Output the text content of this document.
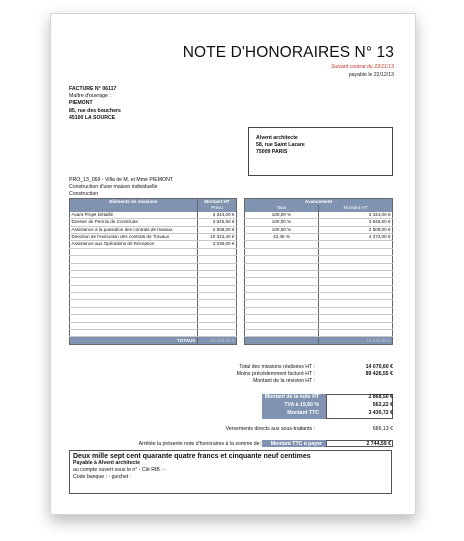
NOTE D'HONORAIRES N° 13
Suivant contrat du 22/11/13
payable le 22/12/13
FACTURE N° 06117
Maître d'ouvrage :
PIEMONT
85, rue des bouchers
45100 LA SOURCE
Alvent architecte
58, rue Saint Lazare
75009 PARIS
PRO_13_069 - Villa de M. et Mme PIEMONT
Construction d'une maison individuelle
Construction
Eléments de missions	Montant HT
	Prévu
Avant Projet Détaillé	3 344,00 €
Dossier de Permis de Construire	3 845,60 €
Assistance à la passation des contrats de travaux	2 508,00 €
Direction de l'exécution des contrats de Travaux	10 322,40 €
Assistance aux Opérations de Réception	3 036,00 €

TOTAUX	23 056,00 €
Avancement	
Taux	Montant HT
100,00 %	3 344,00 €
100,00 %	3 845,60 €
100,00 %	2 508,00 €
42,36 %	4 373,00 €

	14 070,60 €
Total des missions réalisées HT :	14 070,60 €
Moins précédemment facturé HT :	89 426,55 €
Montant de la révision HT :
Montant de la note HT	2 868,50 €
TVA à 19,60 %	562,22 €
Montant TTC	3 430,72 €
Versements directs aux sous-traitants :	686,13 €
Arrêtée la présente note d'honoraires à la somme de: Montant TTC à payer	2 744,59 €
Deux mille sept cent quarante quatre francs et cinquante neuf centimes
Payable à Alvent architecte
au compte ouvert sous le n° - Clé RIB : -
Code banque : - guichet :
